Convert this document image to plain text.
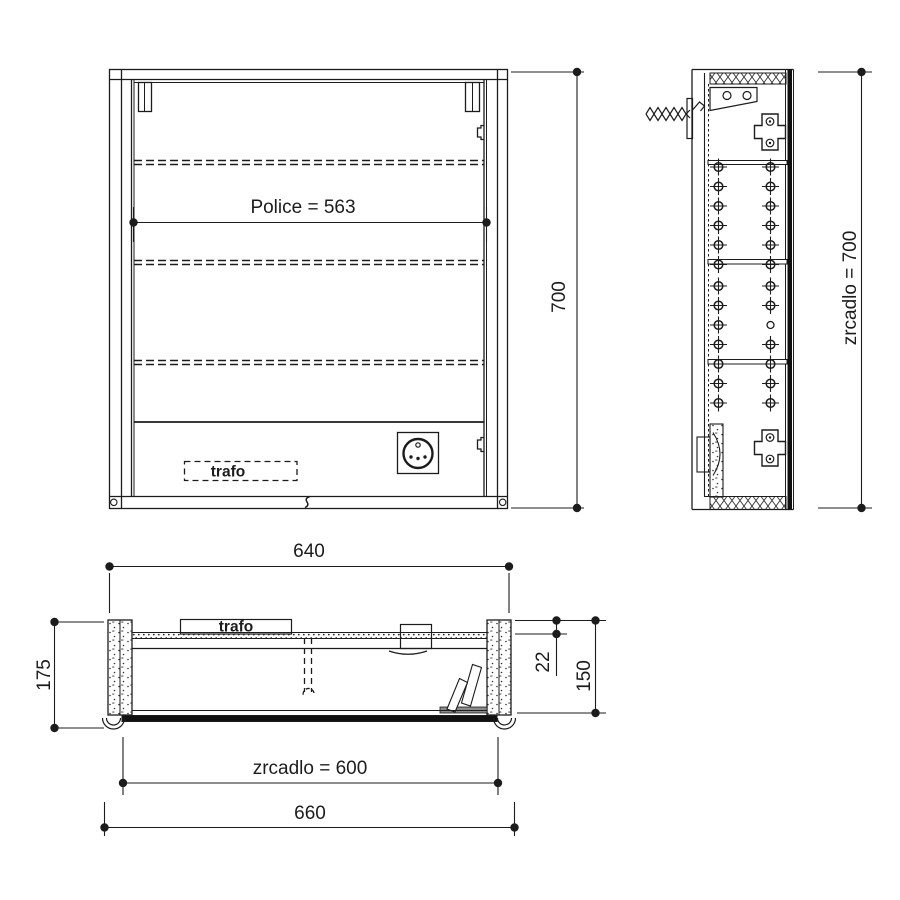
Police = 563
trafo
700	zrcadlo = 700
trafo
640
175	22 150
zrcadlo = 600
660
